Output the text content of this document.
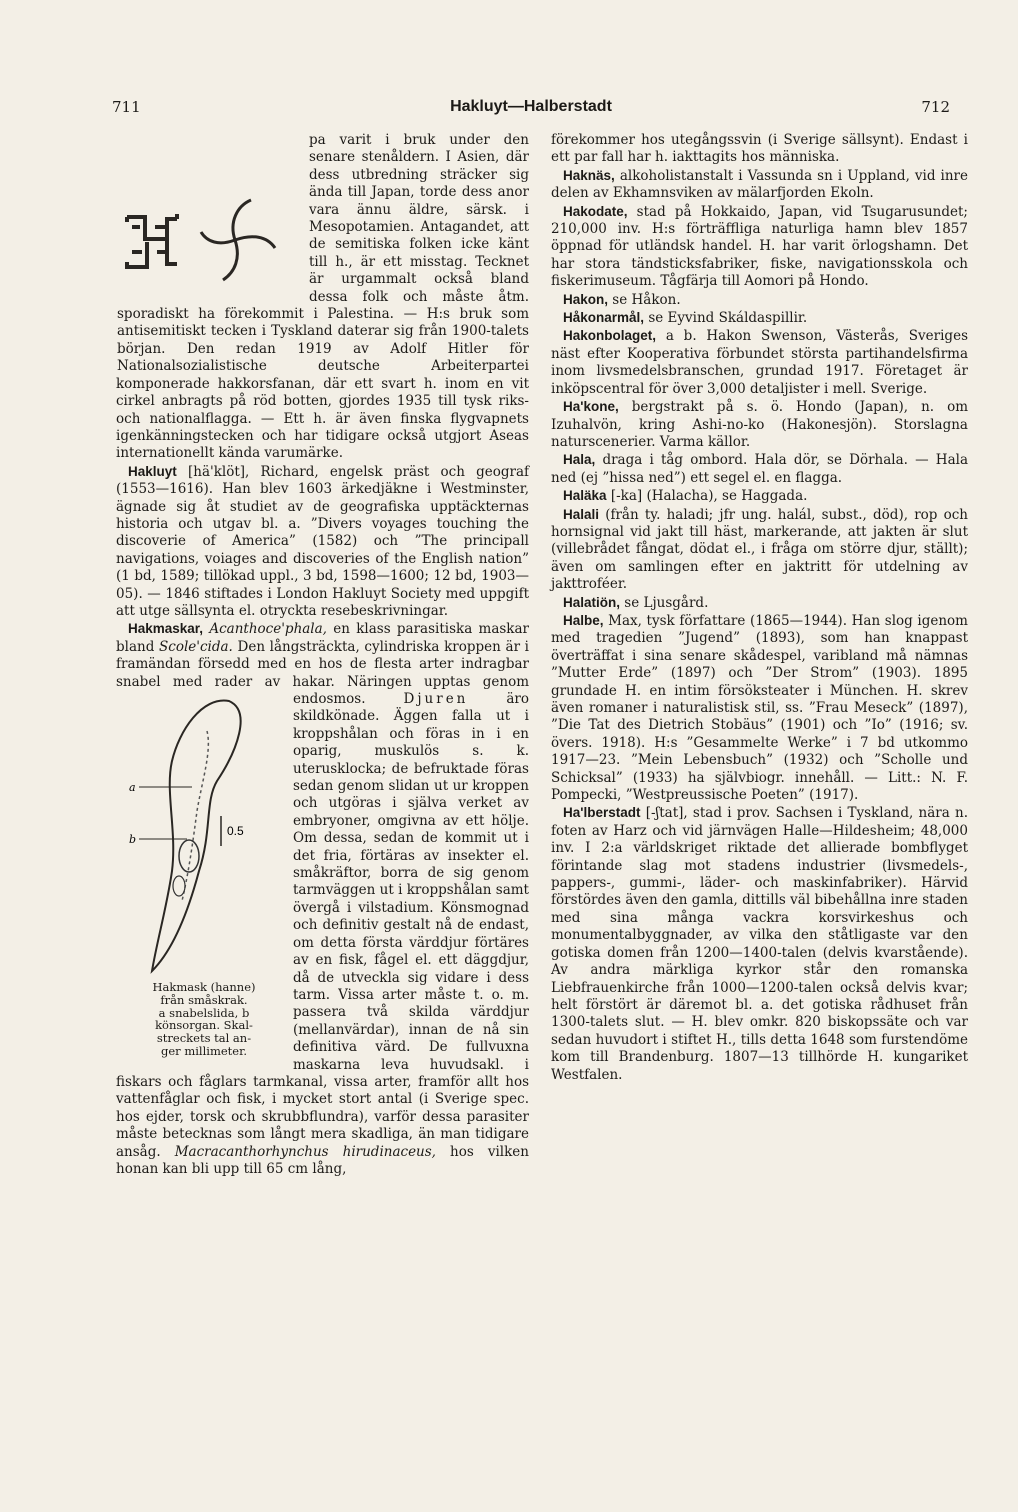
711	Hakluyt—Halberstadt	712

pa varit i bruk under den senare stenåldern. I Asien, där dess utbredning sträcker sig ända till Japan, torde dess anor vara ännu äldre, särsk. i Mesopotamien. Antagandet, att de semitiska folken icke känt till h., är ett misstag. Tecknet är urgammalt också bland dessa folk och måste åtm. sporadiskt ha förekommit i Palestina. — H:s bruk som antisemitiskt tecken i Tyskland daterar sig från 1900-talets början. Den redan 1919 av Adolf Hitler för Nationalsozialistische deutsche Arbeiterpartei komponerade hakkorsfanan, där ett svart h. inom en vit cirkel anbragts på röd botten, gjordes 1935 till tysk riks- och nationalflagga. — Ett h. är även finska flygvapnets igenkänningstecken och har tidigare också utgjort Aseas internationellt kända varumärke.

Hakluyt [hä'klöt], Richard, engelsk präst och geograf (1553—1616). Han blev 1603 ärkedjäkne i Westminster, ägnade sig åt studiet av de geografiska upptäckternas historia och utgav bl. a. ”Divers voyages touching the discoverie of America” (1582) och ”The principall navigations, voiages and discoveries of the English nation” (1 bd, 1589; tillökad uppl., 3 bd, 1598—1600; 12 bd, 1903—05). — 1846 stiftades i London Hakluyt Society med uppgift att utge sällsynta el. otryckta resebeskrivningar.

Hakmaskar, Acanthoce'phala, en klass parasitiska maskar bland Scole'cida. Den långsträckta, cylindriska kroppen är i framändan försedd med en hos de flesta arter indragbar snabel med rader av hakar. Näringen upptas genom endosmos.
a
b
0.5
Hakmask (hanne)
från småskrak.
a snabelslida, b
könsorgan. Skal-
streckets tal an-
ger millimeter.
Djuren äro skildkönade. Äggen falla ut i kroppshålan och föras in i en oparig, muskulös s. k. uterusklocka; de befruktade föras sedan genom slidan ut ur kroppen och utgöras i själva verket av embryoner, omgivna av ett hölje. Om dessa, sedan de kommit ut i det fria, förtäras av insekter el. småkräftor, borra de sig genom tarmväggen ut i kroppshålan samt övergå i vilstadium. Könsmognad och definitiv gestalt nå de endast, om detta första värddjur förtäres av en fisk, fågel el. ett däggdjur, då de utveckla sig vidare i dess tarm. Vissa arter måste t. o. m. passera två skilda värddjur (mellanvärdar), innan de nå sin definitiva värd. De fullvuxna maskarna leva huvudsakl. i fiskars och fåglars tarmkanal, vissa arter, framför allt hos vattenfåglar och fisk, i mycket stort antal (i Sverige spec. hos ejder, torsk och skrubbflundra), varför dessa parasiter måste betecknas som långt mera skadliga, än man tidigare ansåg. Macracanthorhynchus hirudinaceus, hos vilken honan kan bli upp till 65 cm lång,

förekommer hos utegångssvin (i Sverige sällsynt). Endast i ett par fall har h. iakttagits hos människa.

Haknäs, alkoholistanstalt i Vassunda sn i Uppland, vid inre delen av Ekhamnsviken av mälarfjorden Ekoln.

Hakodate, stad på Hokkaido, Japan, vid Tsugarusundet; 210,000 inv. H:s förträffliga naturliga hamn blev 1857 öppnad för utländsk handel. H. har varit örlogshamn. Det har stora tändsticksfabriker, fiske, navigationsskola och fiskerimuseum. Tågfärja till Aomori på Hondo.

Hakon, se Håkon.

Håkonarmål, se Eyvind Skáldaspillir.

Hakonbolaget, a b. Hakon Swenson, Västerås, Sveriges näst efter Kooperativa förbundet största partihandelsfirma inom livsmedelsbranschen, grundad 1917. Företaget är inköpscentral för över 3,000 detaljister i mell. Sverige.

Ha'kone, bergstrakt på s. ö. Hondo (Japan), n. om Izuhalvön, kring Ashi-no-ko (Hakonesjön). Storslagna naturscenerier. Varma källor.

Hala, draga i tåg ombord. Hala dör, se Dörhala. — Hala ned (ej ”hissa ned”) ett segel el. en flagga.

Haläka [-ka] (Halacha), se Haggada.

Halali (från ty. haladi; jfr ung. halál, subst., död), rop och hornsignal vid jakt till häst, markerande, att jakten är slut (villebrådet fångat, dödat el., i fråga om större djur, ställt); även om samlingen efter en jaktritt för utdelning av jakttroféer.

Halatiön, se Ljusgård.

Halbe, Max, tysk författare (1865—1944). Han slog igenom med tragedien ”Jugend” (1893), som han knappast överträffat i sina senare skådespel, varibland må nämnas ”Mutter Erde” (1897) och ”Der Strom” (1903). 1895 grundade H. en intim försöksteater i München. H. skrev även romaner i naturalistisk stil, ss. ”Frau Meseck” (1897), ”Die Tat des Dietrich Stobäus” (1901) och ”Io” (1916; sv. övers. 1918). H:s ”Gesammelte Werke” i 7 bd utkommo 1917—23. ”Mein Lebensbuch” (1932) och ”Scholle und Schicksal” (1933) ha självbiogr. innehåll. — Litt.: N. F. Pompecki, ”Westpreussische Poeten” (1917).

Ha'lberstadt [-ʃtat], stad i prov. Sachsen i Tyskland, nära n. foten av Harz och vid järnvägen Halle—Hildesheim; 48,000 inv. I 2:a världskriget riktade det allierade bombflyget förintande slag mot stadens industrier (livsmedels-, pappers-, gummi-, läder- och maskinfabriker). Härvid förstördes även den gamla, dittills väl bibehållna inre staden med sina många vackra korsvirkeshus och monumentalbyggnader, av vilka den ståtligaste var den gotiska domen från 1200—1400-talen (delvis kvarstående). Av andra märkliga kyrkor står den romanska Liebfrauenkirche från 1000—1200-talen också delvis kvar; helt förstört är däremot bl. a. det gotiska rådhuset från 1300-talets slut. — H. blev omkr. 820 biskopssäte och var sedan huvudort i stiftet H., tills detta 1648 som furstendöme kom till Brandenburg. 1807—13 tillhörde H. kungariket Westfalen.
